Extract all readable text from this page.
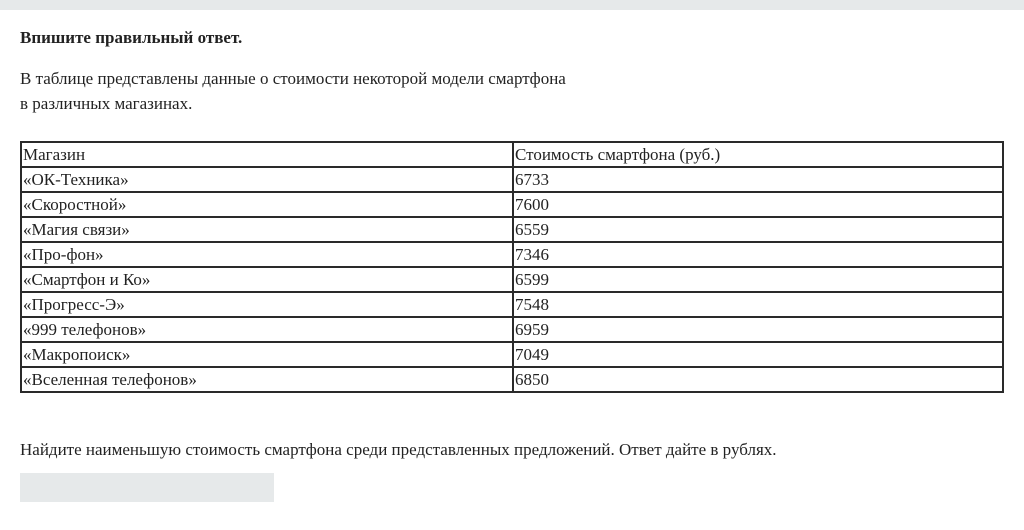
Впишите правильный ответ.
В таблице представлены данные о стоимости некоторой модели смартфона
в различных магазинах.
Магазин	Стоимость смартфона (руб.)
«ОК-Техника»	6733
«Скоростной»	7600
«Магия связи»	6559
«Про-фон»	7346
«Смартфон и Ко»	6599
«Прогресс-Э»	7548
«999 телефонов»	6959
«Макропоиск»	7049
«Вселенная телефонов»	6850
Найдите наименьшую стоимость смартфона среди представленных предложений. Ответ дайте в рублях.
